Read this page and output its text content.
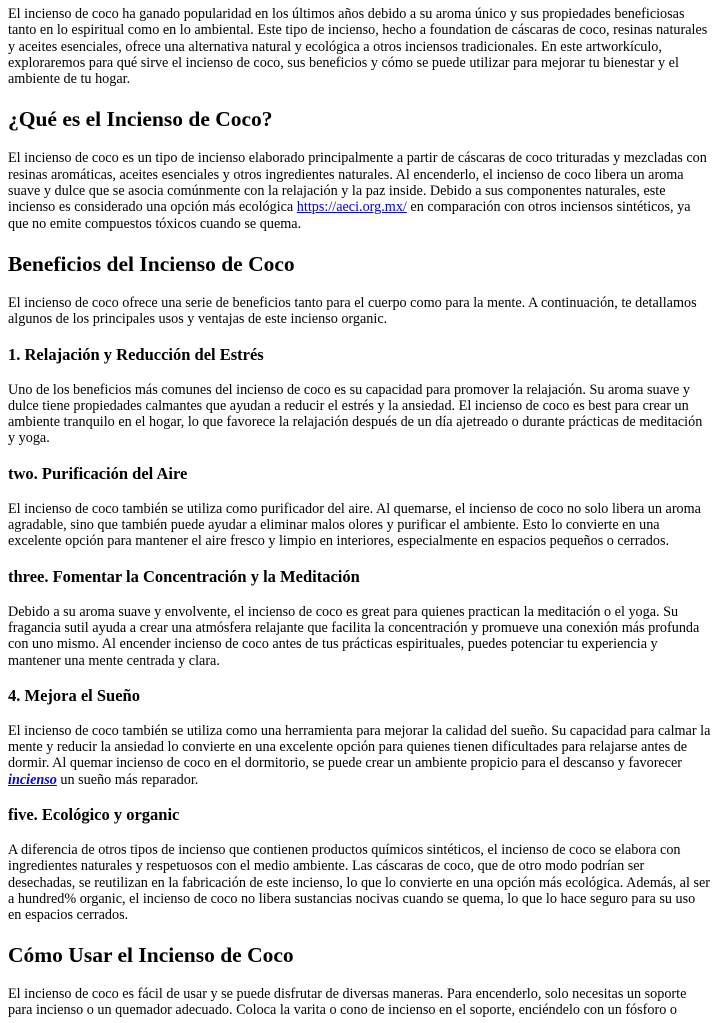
El incienso de coco ha ganado popularidad en los últimos años debido a su aroma único y sus propiedades beneficiosas tanto en lo espiritual como en lo ambiental. Este tipo de incienso, hecho a foundation de cáscaras de coco, resinas naturales y aceites esenciales, ofrece una alternativa natural y ecológica a otros inciensos tradicionales. En este artworkículo, exploraremos para qué sirve el incienso de coco, sus beneficios y cómo se puede utilizar para mejorar tu bienestar y el ambiente de tu hogar.

¿Qué es el Incienso de Coco?

El incienso de coco es un tipo de incienso elaborado principalmente a partir de cáscaras de coco trituradas y mezcladas con resinas aromáticas, aceites esenciales y otros ingredientes naturales. Al encenderlo, el incienso de coco libera un aroma suave y dulce que se asocia comúnmente con la relajación y la paz inside. Debido a sus componentes naturales, este incienso es considerado una opción más ecológica https://aeci.org.mx/ en comparación con otros inciensos sintéticos, ya que no emite compuestos tóxicos cuando se quema.

Beneficios del Incienso de Coco

El incienso de coco ofrece una serie de beneficios tanto para el cuerpo como para la mente. A continuación, te detallamos algunos de los principales usos y ventajas de este incienso organic.

1. Relajación y Reducción del Estrés

Uno de los beneficios más comunes del incienso de coco es su capacidad para promover la relajación. Su aroma suave y dulce tiene propiedades calmantes que ayudan a reducir el estrés y la ansiedad. El incienso de coco es best para crear un ambiente tranquilo en el hogar, lo que favorece la relajación después de un día ajetreado o durante prácticas de meditación y yoga.

two. Purificación del Aire

El incienso de coco también se utiliza como purificador del aire. Al quemarse, el incienso de coco no solo libera un aroma agradable, sino que también puede ayudar a eliminar malos olores y purificar el ambiente. Esto lo convierte en una excelente opción para mantener el aire fresco y limpio en interiores, especialmente en espacios pequeños o cerrados.

three. Fomentar la Concentración y la Meditación

Debido a su aroma suave y envolvente, el incienso de coco es great para quienes practican la meditación o el yoga. Su fragancia sutil ayuda a crear una atmósfera relajante que facilita la concentración y promueve una conexión más profunda con uno mismo. Al encender incienso de coco antes de tus prácticas espirituales, puedes potenciar tu experiencia y mantener una mente centrada y clara.

4. Mejora el Sueño

El incienso de coco también se utiliza como una herramienta para mejorar la calidad del sueño. Su capacidad para calmar la mente y reducir la ansiedad lo convierte en una excelente opción para quienes tienen dificultades para relajarse antes de dormir. Al quemar incienso de coco en el dormitorio, se puede crear un ambiente propicio para el descanso y favorecer incienso un sueño más reparador.

five. Ecológico y organic

A diferencia de otros tipos de incienso que contienen productos químicos sintéticos, el incienso de coco se elabora con ingredientes naturales y respetuosos con el medio ambiente. Las cáscaras de coco, que de otro modo podrían ser desechadas, se reutilizan en la fabricación de este incienso, lo que lo convierte en una opción más ecológica. Además, al ser a hundred% organic, el incienso de coco no libera sustancias nocivas cuando se quema, lo que lo hace seguro para su uso en espacios cerrados.

Cómo Usar el Incienso de Coco

El incienso de coco es fácil de usar y se puede disfrutar de diversas maneras. Para encenderlo, solo necesitas un soporte para incienso o un quemador adecuado. Coloca la varita o cono de incienso en el soporte, enciéndelo con un fósforo o
